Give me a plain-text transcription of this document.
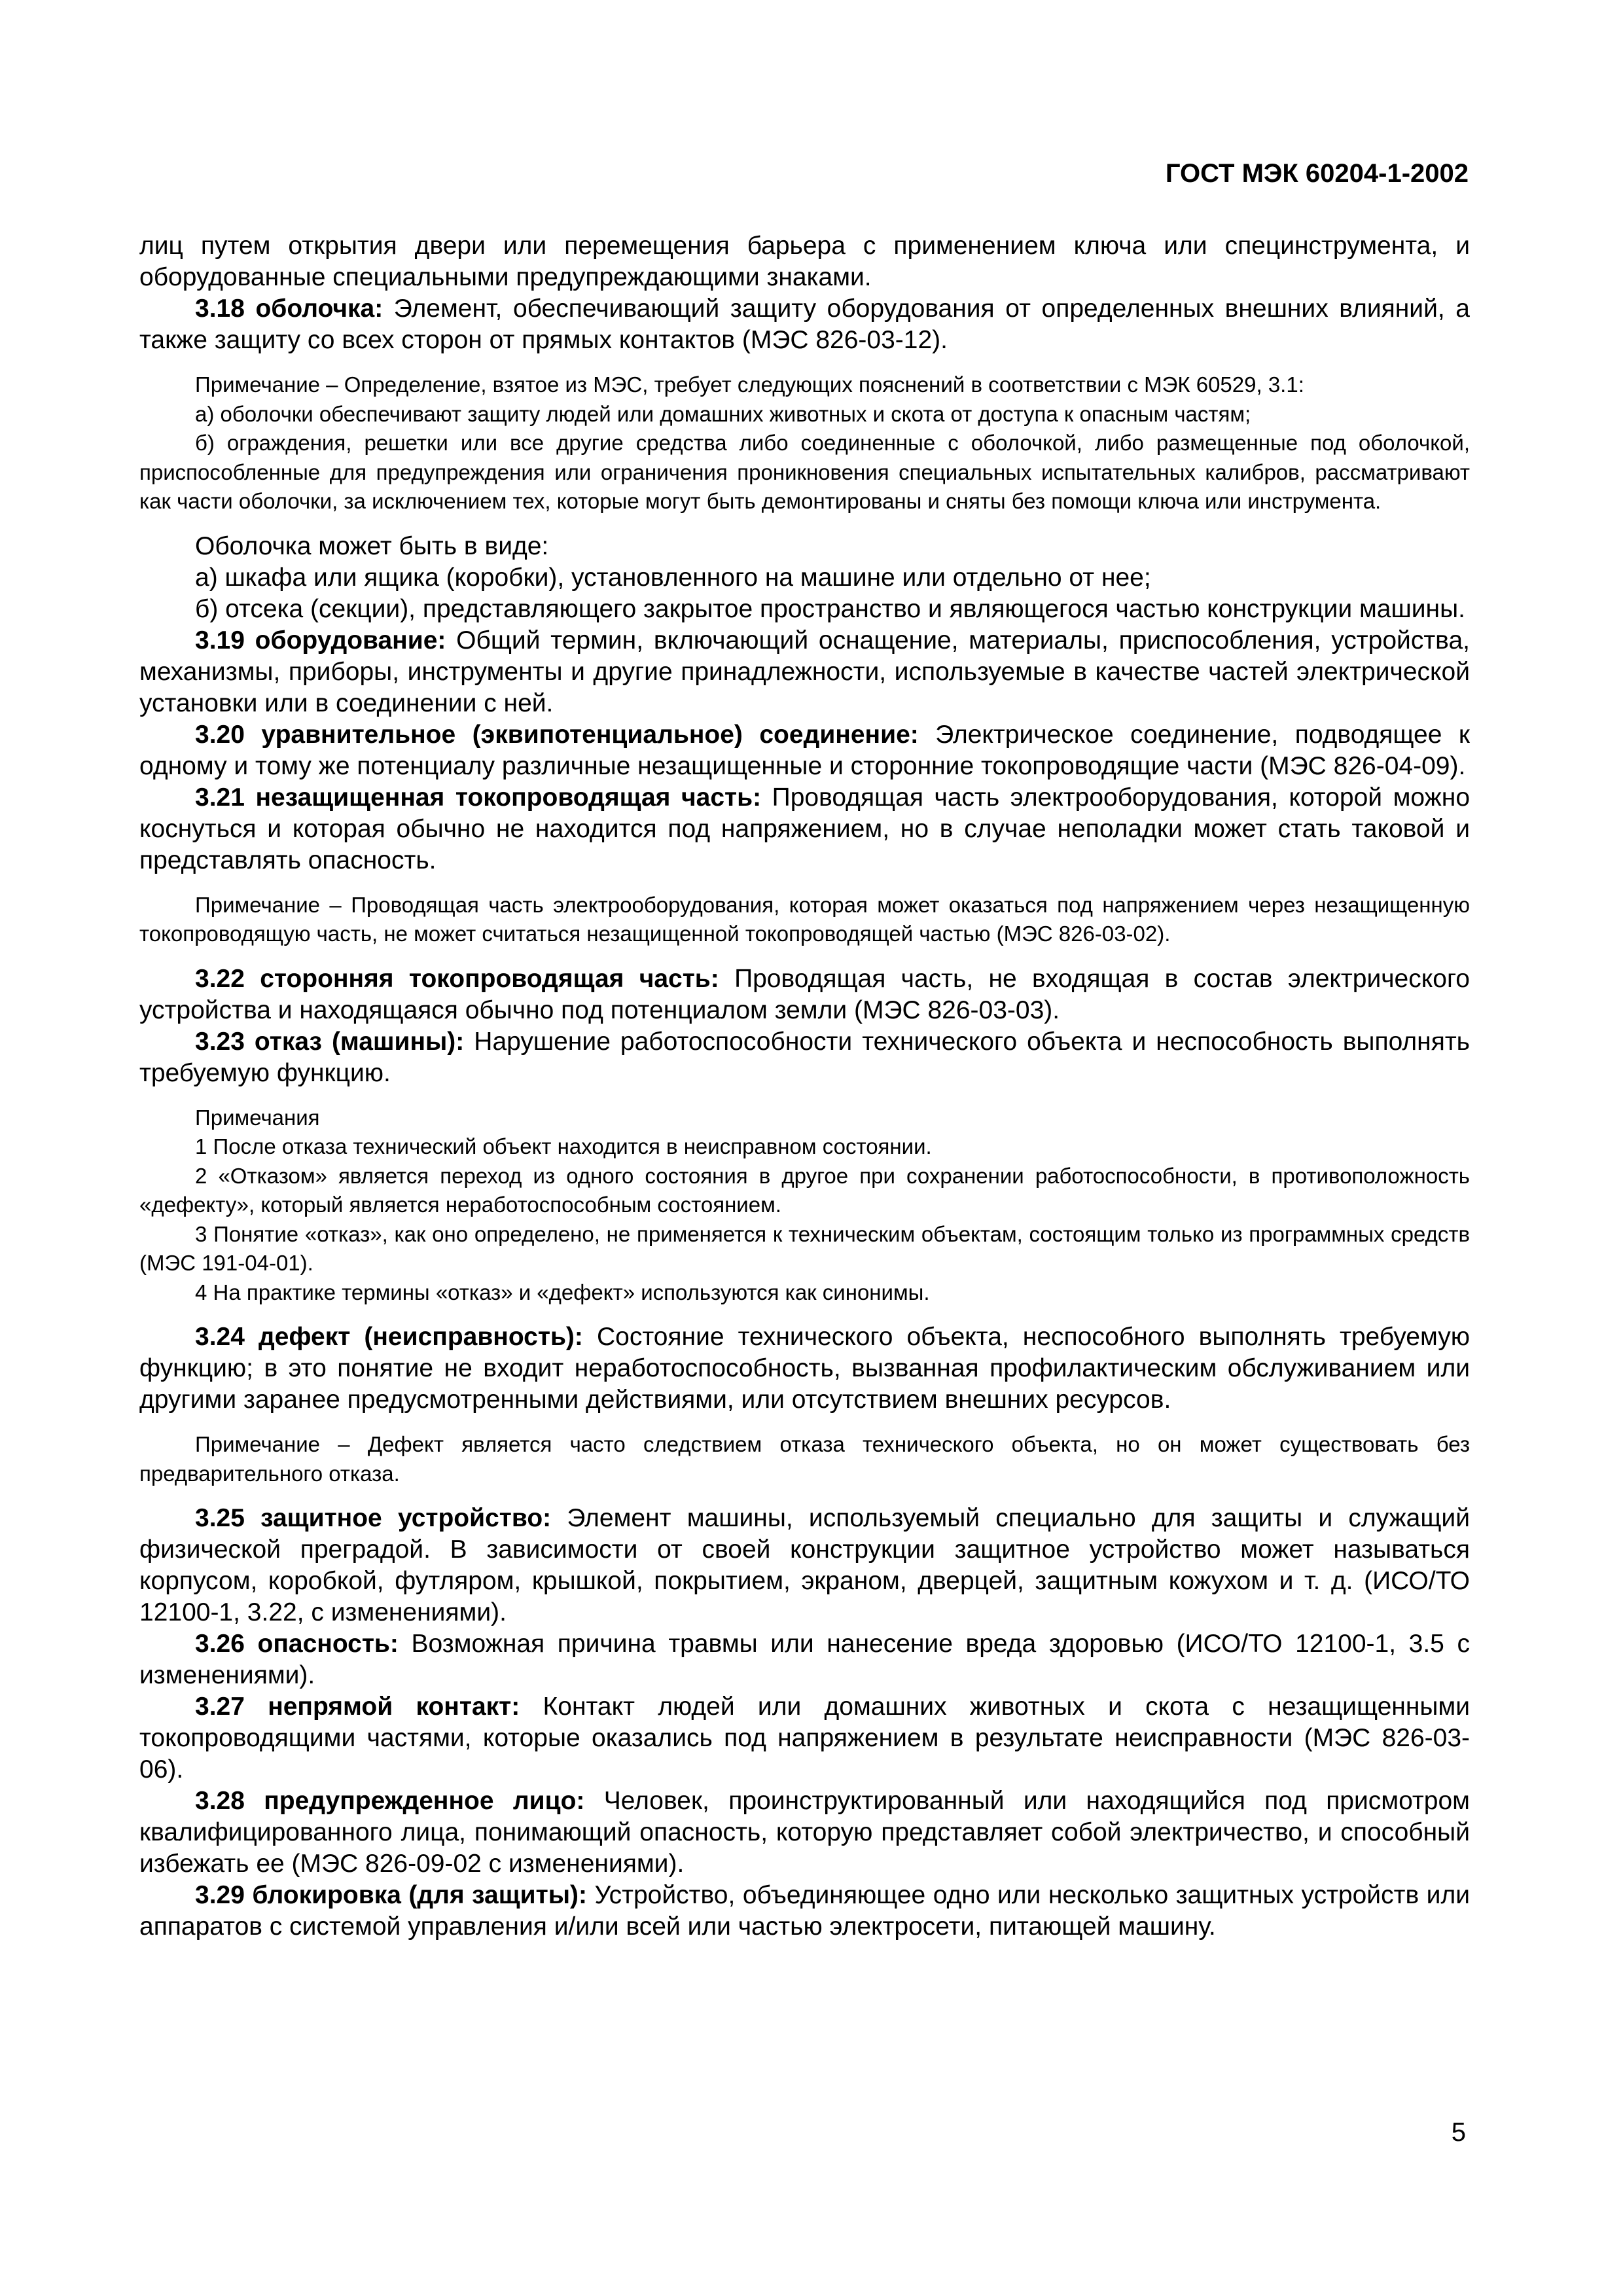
ГОСТ МЭК 60204-1-2002

лиц путем открытия двери или перемещения барьера с применением ключа или специнструмента, и оборудованные специальными предупреждающими знаками.

3.18 оболочка: Элемент, обеспечивающий защиту оборудования от определенных внешних влияний, а также защиту со всех сторон от прямых контактов (МЭС 826-03-12).

Примечание – Определение, взятое из МЭС, требует следующих пояснений в соответствии с МЭК 60529, 3.1:

а) оболочки обеспечивают защиту людей или домашних животных и скота от доступа к опасным частям;

б) ограждения, решетки или все другие средства либо соединенные с оболочкой, либо размещенные под оболочкой, приспособленные для предупреждения или ограничения проникновения специальных испытательных калибров, рассматривают как части оболочки, за исключением тех, которые могут быть демонтированы и сняты без помощи ключа или инструмента.

Оболочка может быть в виде:

а) шкафа или ящика (коробки), установленного на машине или отдельно от нее;

б) отсека (секции), представляющего закрытое пространство и являющегося частью конструкции машины.

3.19 оборудование: Общий термин, включающий оснащение, материалы, приспособления, устройства, механизмы, приборы, инструменты и другие принадлежности, используемые в качестве частей электрической установки или в соединении с ней.

3.20 уравнительное (эквипотенциальное) соединение: Электрическое соединение, подводящее к одному и тому же потенциалу различные незащищенные и сторонние токопроводящие части (МЭС 826-04-09).

3.21 незащищенная токопроводящая часть: Проводящая часть электрооборудования, которой можно коснуться и которая обычно не находится под напряжением, но в случае неполадки может стать таковой и представлять опасность.

Примечание – Проводящая часть электрооборудования, которая может оказаться под напряжением через незащищенную токопроводящую часть, не может считаться незащищенной токопроводящей частью (МЭС 826-03-02).

3.22 сторонняя токопроводящая часть: Проводящая часть, не входящая в состав электрического устройства и находящаяся обычно под потенциалом земли (МЭС 826-03-03).

3.23 отказ (машины): Нарушение работоспособности технического объекта и неспособность выполнять требуемую функцию.

Примечания

1 После отказа технический объект находится в неисправном состоянии.

2 «Отказом» является переход из одного состояния в другое при сохранении работоспособности, в противоположность «дефекту», который является неработоспособным состоянием.

3 Понятие «отказ», как оно определено, не применяется к техническим объектам, состоящим только из программных средств (МЭС 191-04-01).

4 На практике термины «отказ» и «дефект» используются как синонимы.

3.24 дефект (неисправность): Состояние технического объекта, неспособного выполнять требуемую функцию; в это понятие не входит неработоспособность, вызванная профилактическим обслуживанием или другими заранее предусмотренными действиями, или отсутствием внешних ресурсов.

Примечание – Дефект является часто следствием отказа технического объекта, но он может существовать без предварительного отказа.

3.25 защитное устройство: Элемент машины, используемый специально для защиты и служащий физической преградой. В зависимости от своей конструкции защитное устройство может называться корпусом, коробкой, футляром, крышкой, покрытием, экраном, дверцей, защитным кожухом и т. д. (ИСО/ТО 12100-1, 3.22, с изменениями).

3.26 опасность: Возможная причина травмы или нанесение вреда здоровью (ИСО/ТО 12100-1, 3.5 с изменениями).

3.27 непрямой контакт: Контакт людей или домашних животных и скота с незащищенными токопроводящими частями, которые оказались под напряжением в результате неисправности (МЭС 826-03-06).

3.28 предупрежденное лицо: Человек, проинструктированный или находящийся под присмотром квалифицированного лица, понимающий опасность, которую представляет собой электричество, и способный избежать ее (МЭС 826-09-02 с изменениями).

3.29 блокировка (для защиты): Устройство, объединяющее одно или несколько защитных устройств или аппаратов с системой управления и/или всей или частью электросети, питающей машину.

5
